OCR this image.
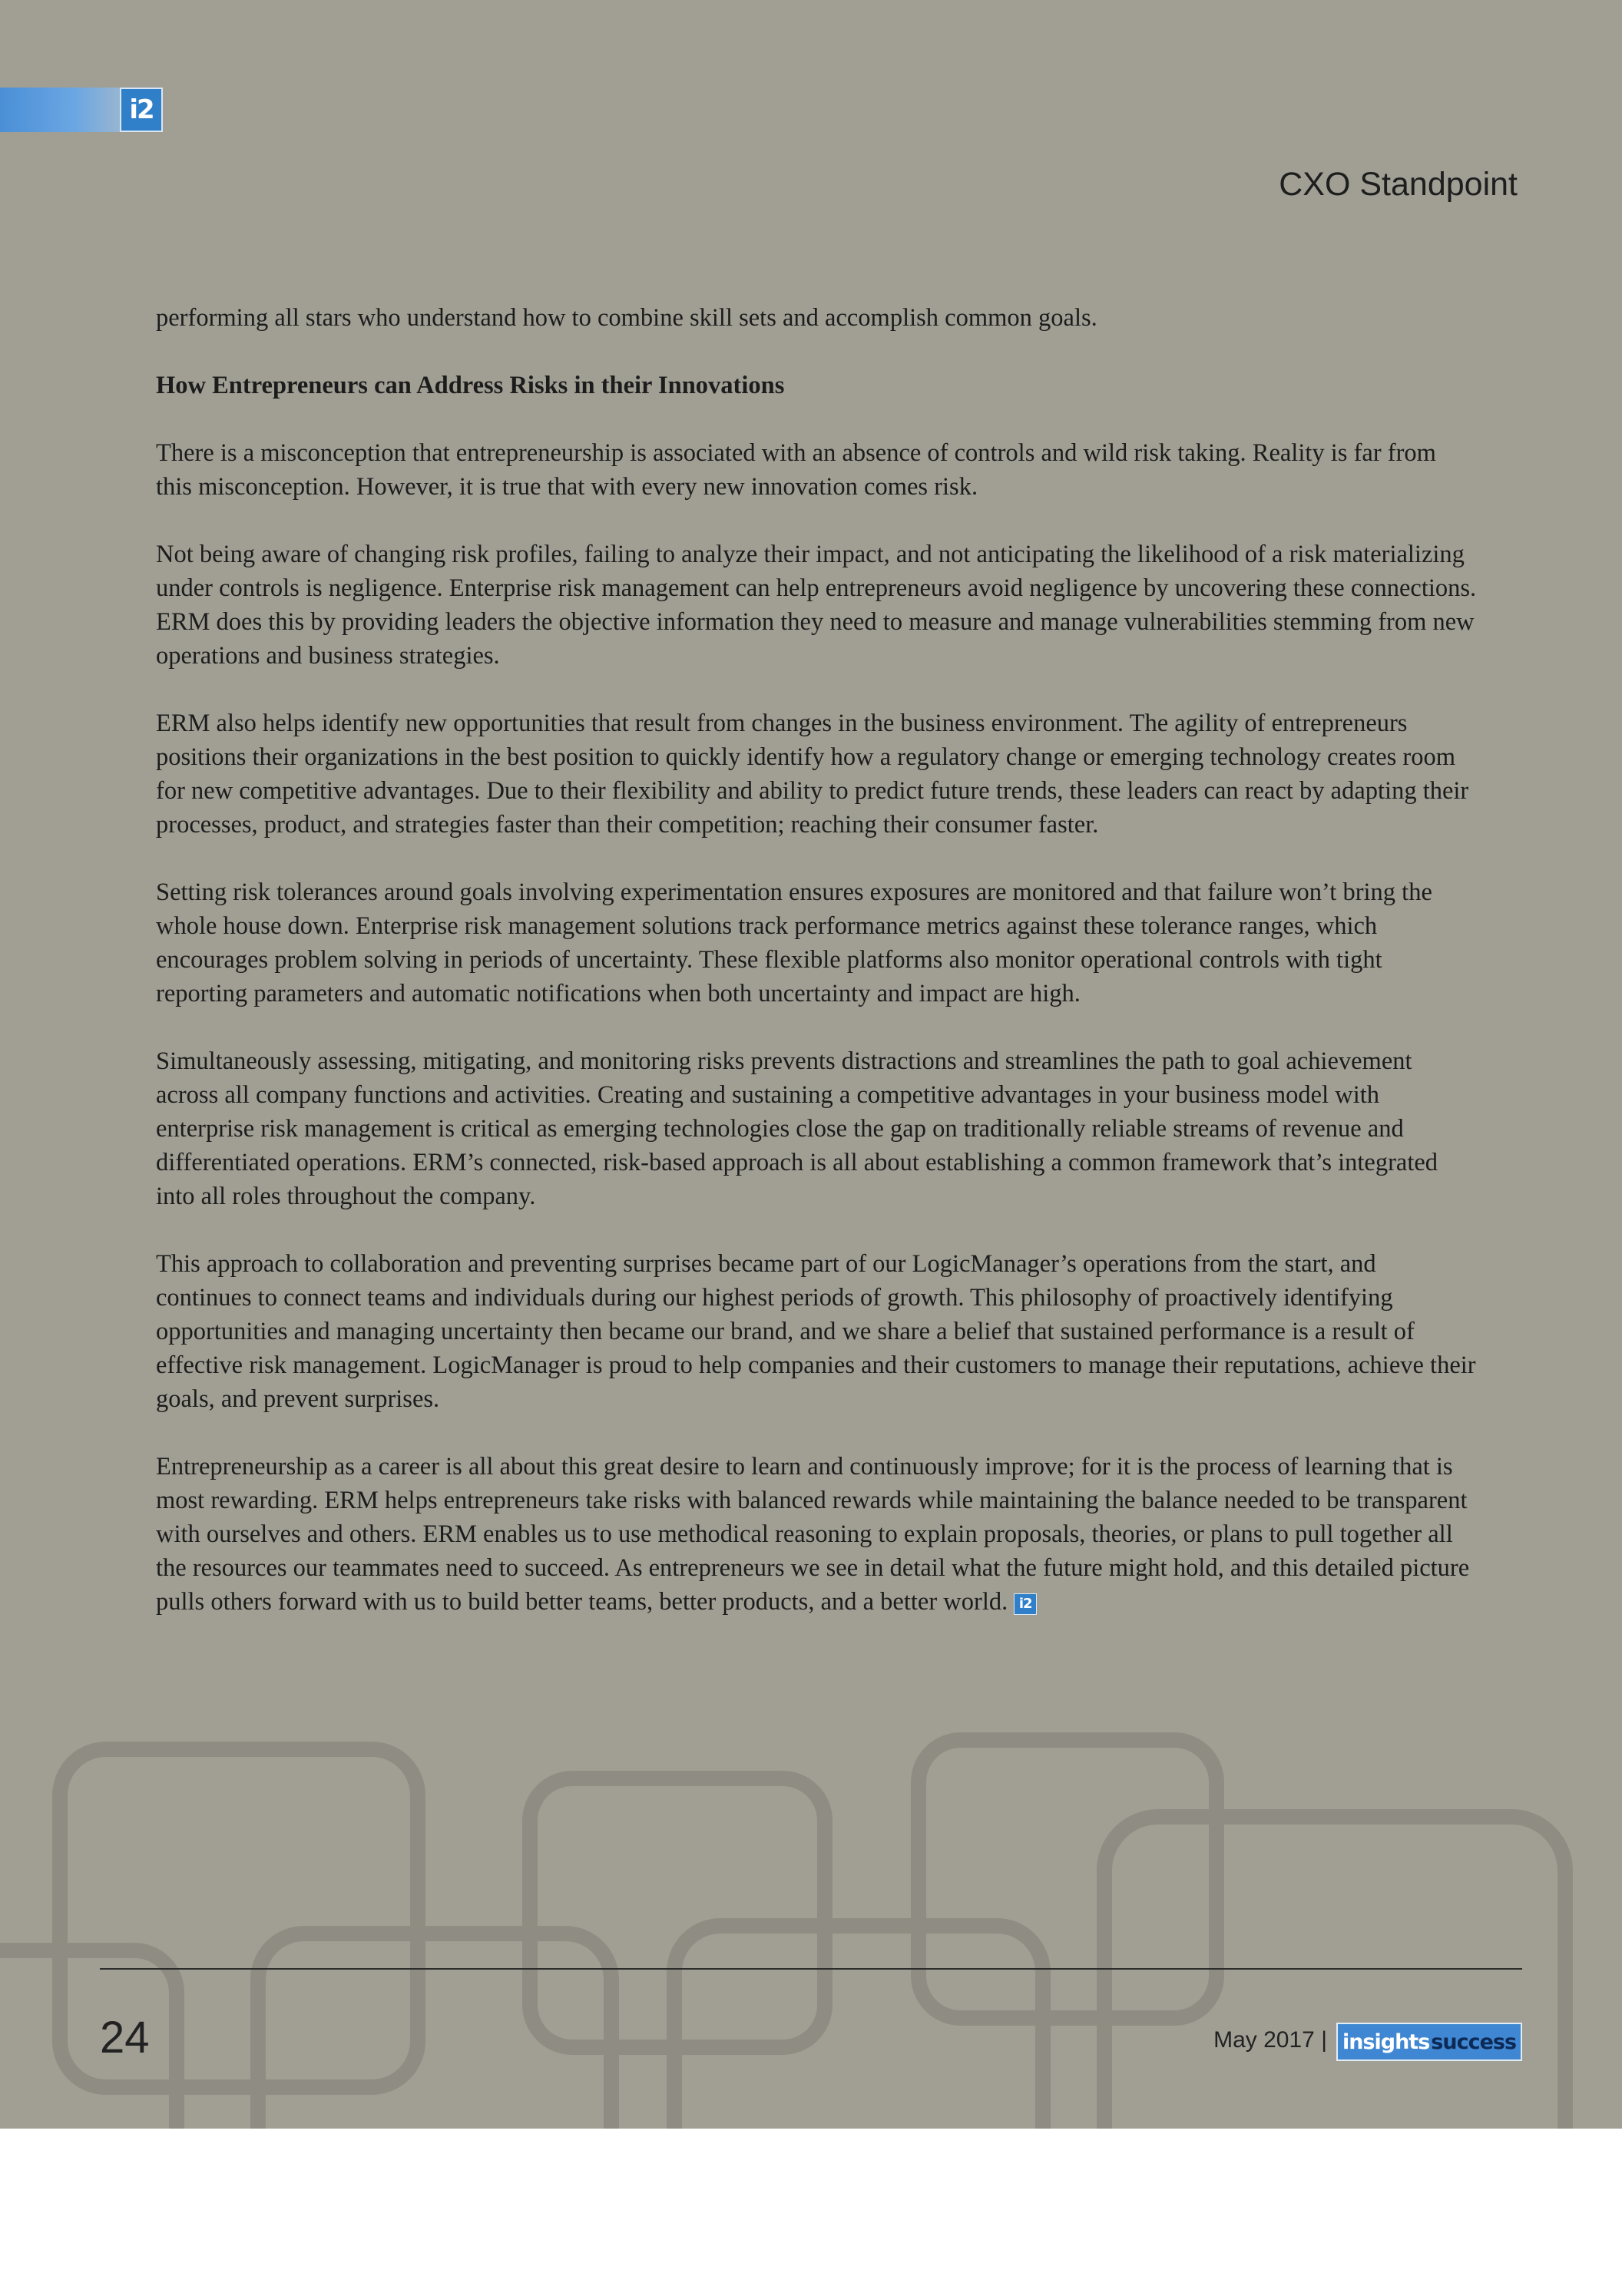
i2
CXO Standpoint

performing all stars who understand how to combine skill sets and accomplish common goals.

How Entrepreneurs can Address Risks in their Innovations

There is a misconception that entrepreneurship is associated with an absence of controls and wild risk taking. Reality is far from this misconception. However, it is true that with every new innovation comes risk.

Not being aware of changing risk profiles, failing to analyze their impact, and not anticipating the likelihood of a risk materializing under controls is negligence. Enterprise risk management can help entrepreneurs avoid negligence by uncovering these connections. ERM does this by providing leaders the objective information they need to measure and manage vulnerabilities stemming from new operations and business strategies.

ERM also helps identify new opportunities that result from changes in the business environment. The agility of entrepreneurs positions their organizations in the best position to quickly identify how a regulatory change or emerging technology creates room for new competitive advantages. Due to their flexibility and ability to predict future trends, these leaders can react by adapting their processes, product, and strategies faster than their competition; reaching their consumer faster.

Setting risk tolerances around goals involving experimentation ensures exposures are monitored and that failure won’t bring the whole house down. Enterprise risk management solutions track performance metrics against these tolerance ranges, which encourages problem solving in periods of uncertainty. These flexible platforms also monitor operational controls with tight reporting parameters and automatic notifications when both uncertainty and impact are high.

Simultaneously assessing, mitigating, and monitoring risks prevents distractions and streamlines the path to goal achievement across all company functions and activities. Creating and sustaining a competitive advantages in your business model with enterprise risk management is critical as emerging technologies close the gap on traditionally reliable streams of revenue and differentiated operations. ERM’s connected, risk-based approach is all about establishing a common framework that’s integrated into all roles throughout the company.

This approach to collaboration and preventing surprises became part of our LogicManager’s operations from the start, and continues to connect teams and individuals during our highest periods of growth. This philosophy of proactively identifying opportunities and managing uncertainty then became our brand, and we share a belief that sustained performance is a result of effective risk management. LogicManager is proud to help companies and their customers to manage their reputations, achieve their goals, and prevent surprises.

Entrepreneurship as a career is all about this great desire to learn and continuously improve; for it is the process of learning that is most rewarding. ERM helps entrepreneurs take risks with balanced rewards while maintaining the balance needed to be transparent with ourselves and others. ERM enables us to use methodical reasoning to explain proposals, theories, or plans to pull together all the resources our teammates need to succeed. As entrepreneurs we see in detail what the future might hold, and this detailed picture pulls others forward with us to build better teams, better products, and a better world. i2

24	May 2017 | insights success
